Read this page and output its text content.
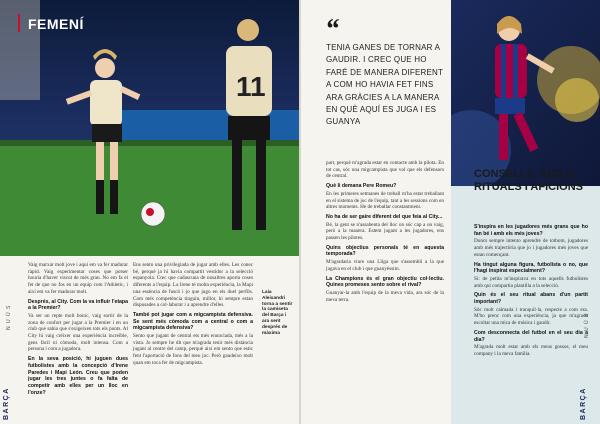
11
FEMENÍ
N U Ú S
BARÇA

Vaig marxar molt jove i aquí em va fer madurar ràpid. Vaig experimentar coses que potser houria d'haver viscut de més gran. No em fa el fet de que no fos en un equip com l'Athletic, i així em va fer madurar molt.

Després, al City. Com la va influir l'etapa a la Premier?

Va ser un repte molt bonic, vaig sortir de la zona de confort per jugar a la Premier i en un club que sabia que s'exigeixen tots els punts. Al City hi vaig créixer una experiència increïble, gens fàcil ni còmoda, molt intensa. Com a persona i com a jugadora.

En la seva posició, hi juguen dues futbolistes amb la concepció d'Irene Paredes i Mapi León. Creu que poden jugar les tres juntes o fa falta de competir amb elles per un lloc en l'onze?

Ens sento una privilegiada de jugar amb elles. Les conec bé, perquè ja hi havia compartit vestidor a la selecció espanyola. Crec que cadascuna de nosaltres aporta coses diferents a l'equip. La Irene té molta experiència, la Mapi una essència de fuscó i jo que jugo en els duel perfils. Com més competència tinguin, millor, hi sempre estan disposades a col·laborar i a aprendre d'elles.

També pot jugar com a migcampista defensiva. Se sent més còmoda com a central o com a migcampista defensiva?

Sento que jugant de central ets més enunciada, més a la vista. Jo sempre he dit que m'agrada tenir més distància jugant al centre del camp, perquè així em sento que estic fent l'aportació de fons del meu joc. Però gaudeixo molt quan em toca fer de migcampista.

Laia Aleixandri torna a sentir la camiseta del Barça i ara sent després de màxima
“
TENIA GANES DE TORNAR A GAUDIR. I CREC QUE HO FARÉ DE MANERA DIFERENT A COM HO HAVIA FET FINS ARA GRÀCIES A LA MANERA EN QUÈ AQUÍ ES JUGA I ES GUANYA

part, perquè m'agrada estar en contacte amb la pilota. En tot cas, sóc una migcampista que vol que els defensors de central.

Què li demana Pere Romeu?

En les primeres setmanes de treball m'ha estat treballant en el sistema de joc de l'equip, tant a les sessions com en altres moments. He de treballar constantment.

No ha de ser gaire diferent del que feia al City...

Bé, la gent se n'assabenta del lloc on sóc cap a on vaig, però a la manera. Estem jugant a les jugadores, ens passen les pilotes.

Quins objectius personals té en aquesta temporada?

M'agradaria viure una Lliga que s'assembli a la que jugava en el club i que guanyéssim.

La Champions és el gran objectiu col·lectiu. Quines promeses sento sobre el rival?

Guanyar-la amb l'equip de la meva vida, ara sóc de la meva terra.

CONSELLS, ÍDOLS, RITUALS I AFICIONS

S'inspira en les jugadores més grans que ho fan bé i amb els més joves?

Doncs sempre intento aprendre de tothom, jugadores amb més trajectòria que jo i jugadores més joves que estan començant.

Ha tingut alguna figura, futbolista o no, que l'hagi inspirat especialment?

Sí: de petita m'inspirava en tots aquells futbolistes amb qui compartia plantilla a la selecció.

Quin és el seu ritual abans d'un partit important?

Sóc molt calmada i tranquil·la, respecte a com era. M'ho prenc com una experiència, ja que m'agrada escoltar una mica de música i gaudir.

Com desconnecta del futbol en el seu dia a dia?

M'agrada molt estar amb els meus gossos, el meu company i la meva família.

N U Ú S
BARÇA
